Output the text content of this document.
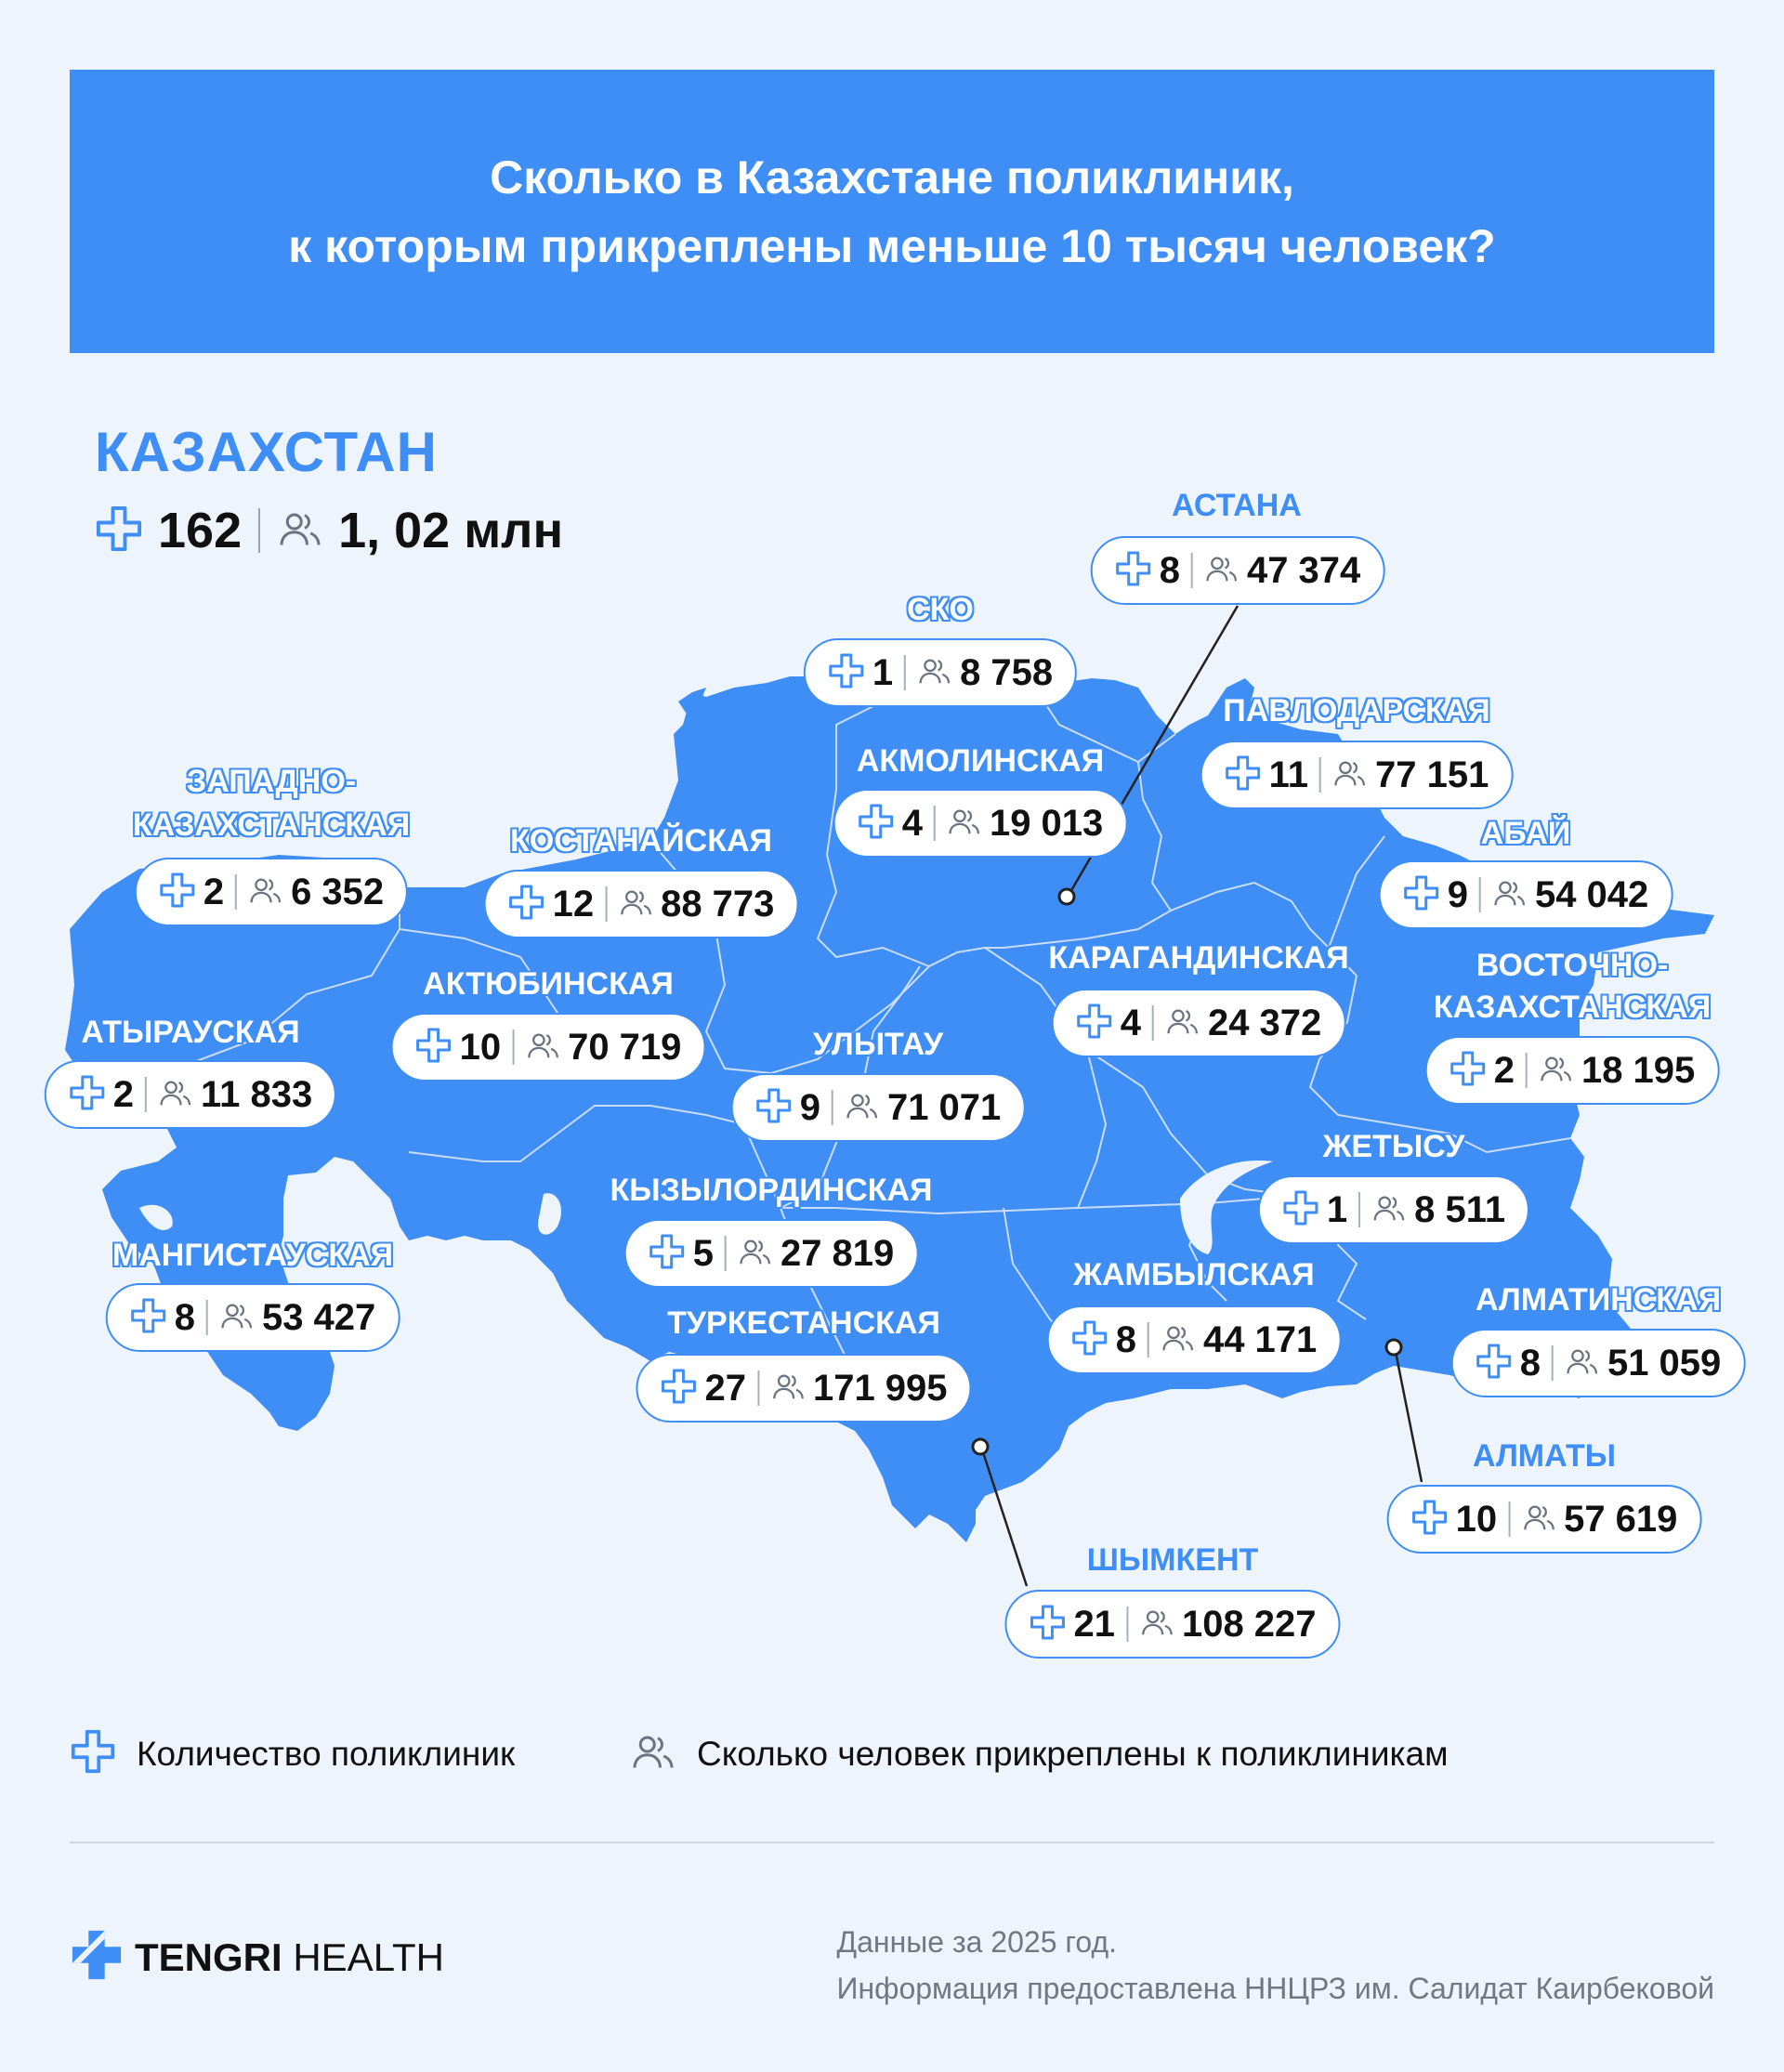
Сколько в Казахстане поликлиник,
к которым прикреплены меньше 10 тысяч человек?
КАЗАХСТАН
162 1, 02 млн	АСТАНА
8 47 374
СКО
1 8 758
ПАВЛОДАРСКАЯ
11 77 151
АКМОЛИНСКАЯ
4 19 013
ЗАПАДНО-
КАЗАХСТАНСКАЯ
2 6 352
КОСТАНАЙСКАЯ
12 88 773
АБАЙ
9 54 042
КАРАГАНДИНСКАЯ
4 24 372
ВОСТОЧНО-
КАЗАХСТАНСКАЯ
2 18 195
АКТЮБИНСКАЯ
10 70 719
АТЫРАУСКАЯ
2 11 833
УЛЫТАУ
9 71 071
ЖЕТЫСУ
1 8 511
КЫЗЫЛОРДИНСКАЯ
5 27 819
МАНГИСТАУСКАЯ
8 53 427
ЖАМБЫЛСКАЯ
8 44 171
АЛМАТИНСКАЯ
8 51 059
ТУРКЕСТАНСКАЯ
27 171 995
АЛМАТЫ
10 57 619
ШЫМКЕНТ
21 108 227
Количество поликлиник	Сколько человек прикреплены к поликлиникам
TENGRI HEALTH	Данные за 2025 год.
Информация предоставлена ННЦРЗ им. Салидат Каирбековой
